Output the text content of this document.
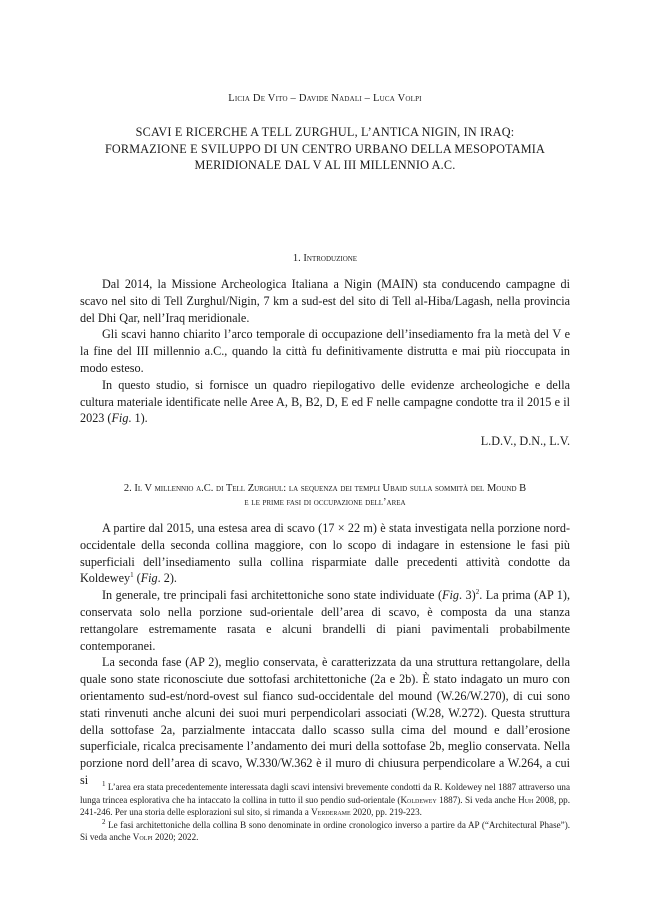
Licia De Vito – Davide Nadali – Luca Volpi
SCAVI E RICERCHE A TELL ZURGHUL, L’ANTICA NIGIN, IN IRAQ:
FORMAZIONE E SVILUPPO DI UN CENTRO URBANO DELLA MESOPOTAMIA
MERIDIONALE DAL V AL III MILLENNIO A.C.
1. Introduzione

Dal 2014, la Missione Archeologica Italiana a Nigin (MAIN) sta conducendo campagne di scavo nel sito di Tell Zurghul/Nigin, 7 km a sud-est del sito di Tell al-Hiba/Lagash, nella provincia del Dhi Qar, nell’Iraq meridionale.

Gli scavi hanno chiarito l’arco temporale di occupazione dell’insediamento fra la metà del V e la fine del III millennio a.C., quando la città fu definitivamente distrutta e mai più rioccupata in modo esteso.

In questo studio, si fornisce un quadro riepilogativo delle evidenze archeologiche e della cultura materiale identificate nelle Aree A, B, B2, D, E ed F nelle campagne condotte tra il 2015 e il 2023 (Fig. 1).

L.D.V., D.N., L.V.
2. Il V millennio a.C. di Tell Zurghul: la sequenza dei templi Ubaid sulla sommità del Mound B
e le prime fasi di occupazione dell’area

A partire dal 2015, una estesa area di scavo (17 × 22 m) è stata investigata nella porzione nord-occidentale della seconda collina maggiore, con lo scopo di indagare in estensione le fasi più superficiali dell’insediamento sulla collina risparmiate dalle precedenti attività condotte da Koldewey$^1$ (Fig. 2).

In generale, tre principali fasi architettoniche sono state individuate (Fig. 3)$^2$. La prima (AP 1), conservata solo nella porzione sud-orientale dell’area di scavo, è composta da una stanza rettangolare estremamente rasata e alcuni brandelli di piani pavimentali probabilmente contemporanei.

La seconda fase (AP 2), meglio conservata, è caratterizzata da una struttura rettangolare, della quale sono state riconosciute due sottofasi architettoniche (2a e 2b). È stato indagato un muro con orientamento sud-est/nord-ovest sul fianco sud-occidentale del mound (W.26/W.270), di cui sono stati rinvenuti anche alcuni dei suoi muri perpendicolari associati (W.28, W.272). Questa struttura della sottofase 2a, parzialmente intaccata dallo scasso sulla cima del mound e dall’erosione superficiale, ricalca precisamente l’andamento dei muri della sottofase 2b, meglio conservata. Nella porzione nord dell’area di scavo, W.330/W.362 è il muro di chiusura perpendicolare a W.264, a cui si	$^1$ L’area era stata precedentemente interessata dagli scavi intensivi brevemente condotti da R. Koldewey nel 1887 attraverso una lunga trincea esplorativa che ha intaccato la collina in tutto il suo pendio sud-orientale (Koldewey 1887). Si veda anche Huh 2008, pp. 241-246. Per una storia delle esplorazioni sul sito, si rimanda a Verderame 2020, pp. 219-223.

$^2$ Le fasi architettoniche della collina B sono denominate in ordine cronologico inverso a partire da AP (“Architectural Phase”). Si veda anche Volpi 2020; 2022.
